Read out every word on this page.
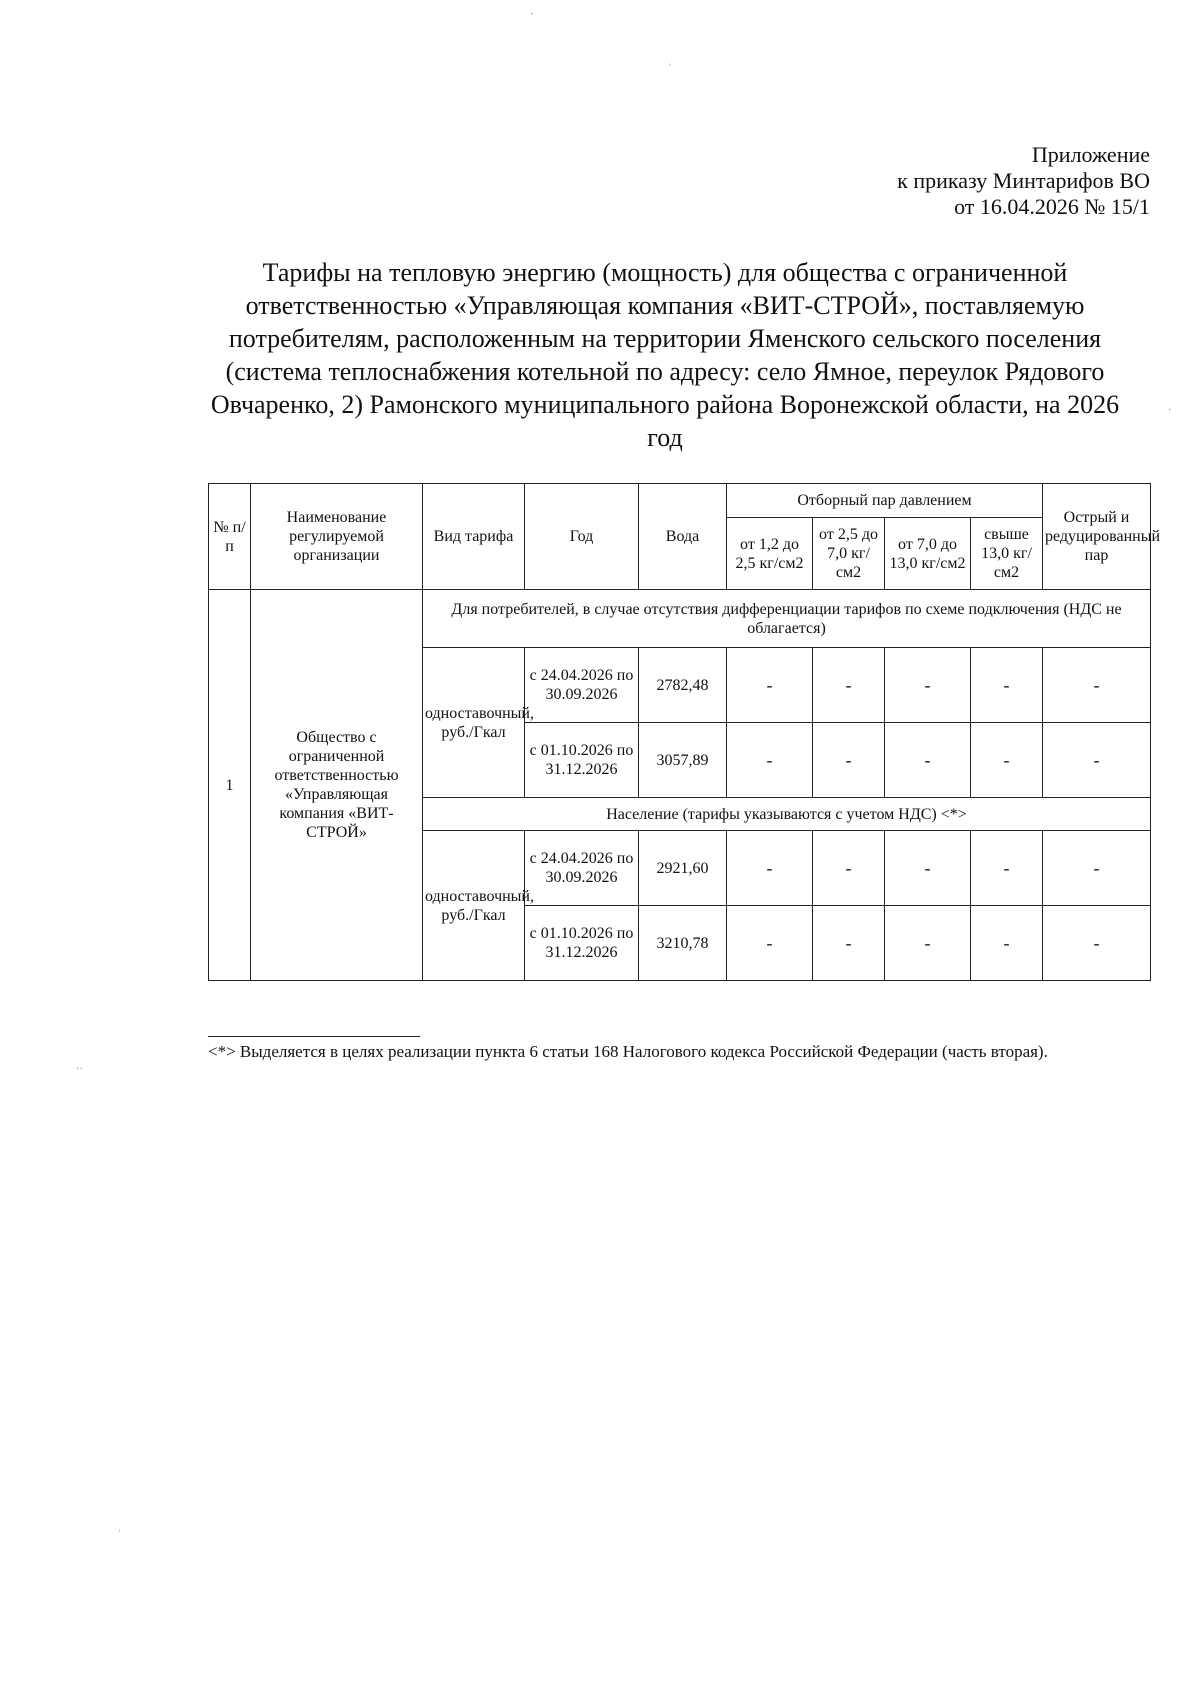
Приложение
к приказу Минтарифов ВО
от 16.04.2026 № 15/1
Тарифы на тепловую энергию (мощность) для общества с ограниченной ответственностью «Управляющая компания «ВИТ-СТРОЙ», поставляемую потребителям, расположенным на территории Яменского сельского поселения (система теплоснабжения котельной по адресу: село Ямное, переулок Рядового Овчаренко, 2) Рамонского муниципального района Воронежской области, на 2026 год
№ п/п	Наименование регулируемой организации	Вид тарифа	Год	Вода	Отборный пар давлением				Острый и редуцированный пар
					от 1,2 до 2,5 кг/см2	от 2,5 до 7,0 кг/см2	от 7,0 до 13,0 кг/см2	свыше 13,0 кг/см2	
1	Общество с ограниченной ответственностью «Управляющая компания «ВИТ-СТРОЙ»	Для потребителей, в случае отсутствия дифференциации тарифов по схеме подключения (НДС не облагается)							
		одноставочный, руб./Гкал	с 24.04.2026 по 30.09.2026	2782,48	-	-	-	-	-
			с 01.10.2026 по 31.12.2026	3057,89	-	-	-	-	-
		Население (тарифы указываются с учетом НДС) <*>							
		одноставочный, руб./Гкал	с 24.04.2026 по 30.09.2026	2921,60	-	-	-	-	-
			с 01.10.2026 по 31.12.2026	3210,78	-	-	-	-	-
<*> Выделяется в целях реализации пункта 6 статьи 168 Налогового кодекса Российской Федерации (часть вторая).
˙
˒
˒˓
˙
˒
